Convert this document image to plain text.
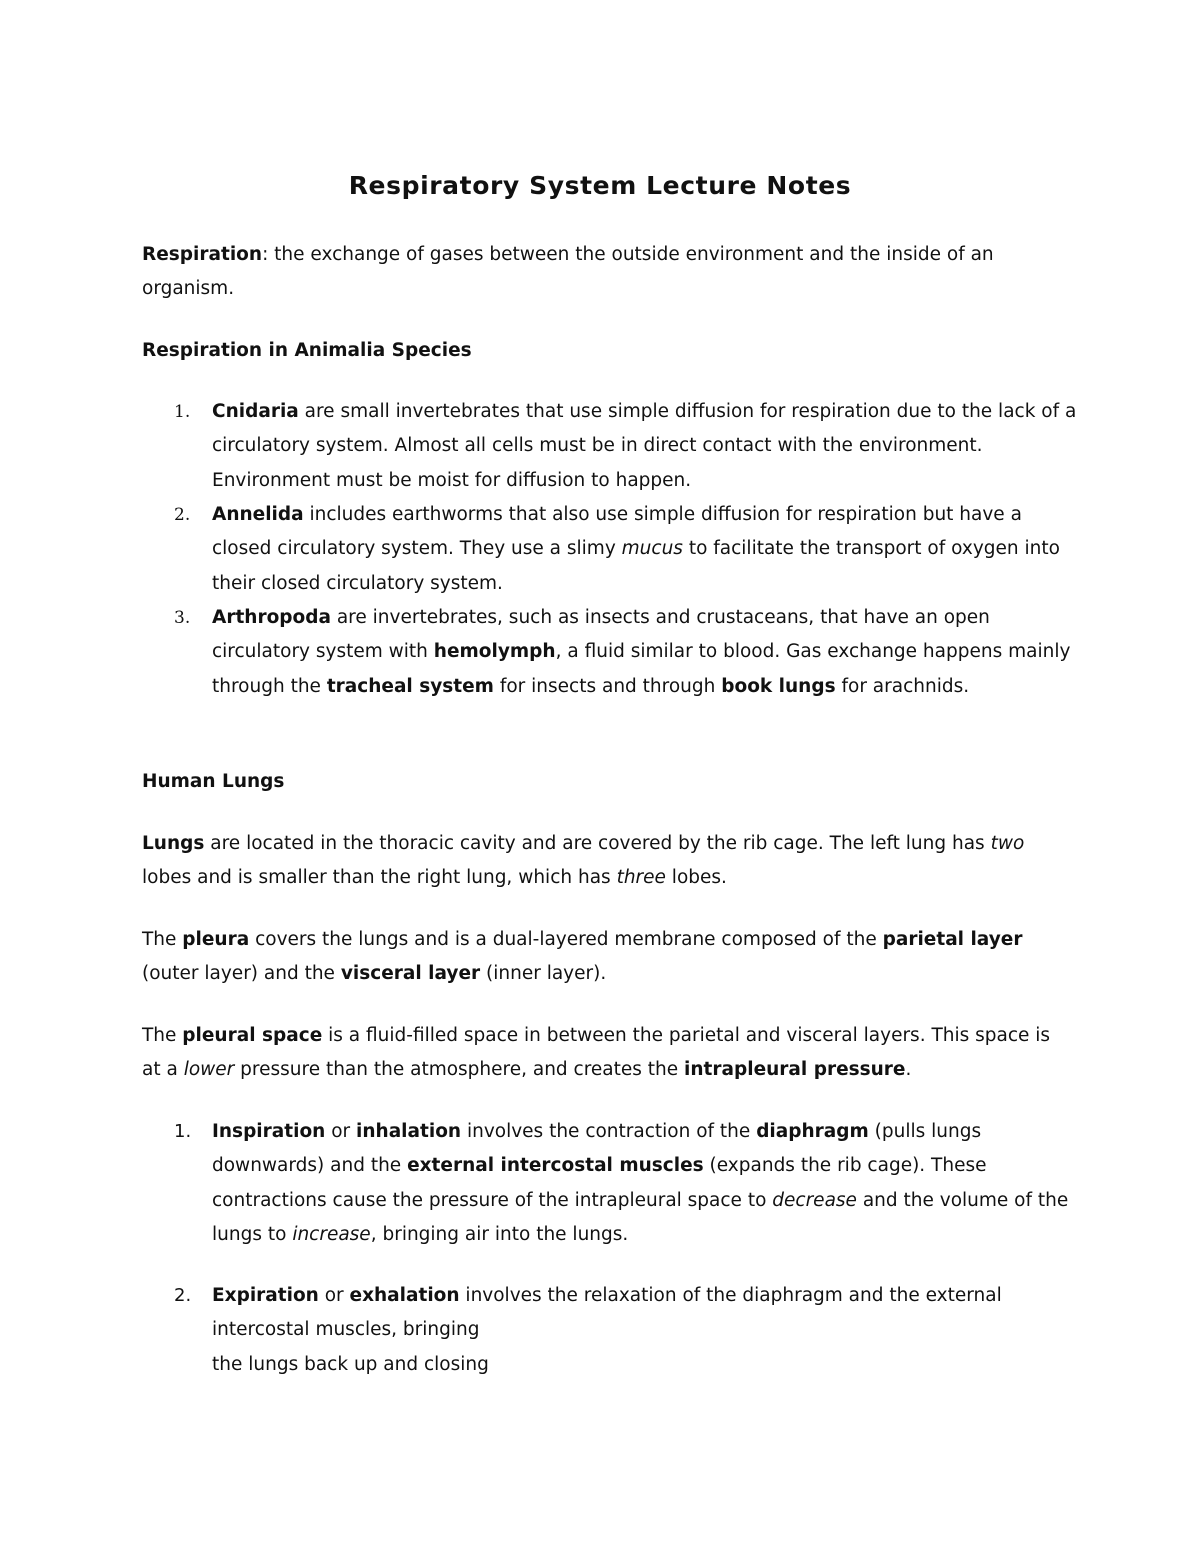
Respiratory System Lecture Notes

Respiration: the exchange of gases between the outside environment and the inside of an organism.

Respiration in Animalia Species
1. Cnidaria are small invertebrates that use simple diffusion for respiration due to the lack of a circulatory system. Almost all cells must be in direct contact with the environment. Environment must be moist for diffusion to happen.
2. Annelida includes earthworms that also use simple diffusion for respiration but have a closed circulatory system. They use a slimy mucus to facilitate the transport of oxygen into their closed circulatory system.
3. Arthropoda are invertebrates, such as insects and crustaceans, that have an open circulatory system with hemolymph, a fluid similar to blood. Gas exchange happens mainly through the tracheal system for insects and through book lungs for arachnids.
Human Lungs

Lungs are located in the thoracic cavity and are covered by the rib cage. The left lung has two lobes and is smaller than the right lung, which has three lobes.

The pleura covers the lungs and is a dual-layered membrane composed of the parietal layer (outer layer) and the visceral layer (inner layer).

The pleural space is a fluid-filled space in between the parietal and visceral layers. This space is at a lower pressure than the atmosphere, and creates the intrapleural pressure.

1. Inspiration or inhalation involves the contraction of the diaphragm (pulls lungs downwards) and the external intercostal muscles (expands the rib cage). These contractions cause the pressure of the intrapleural space to decrease and the volume of the lungs to increase, bringing air into the lungs.
2. Expiration or exhalation involves the relaxation of the diaphragm and the external intercostal muscles, bringing
the lungs back up and closing
